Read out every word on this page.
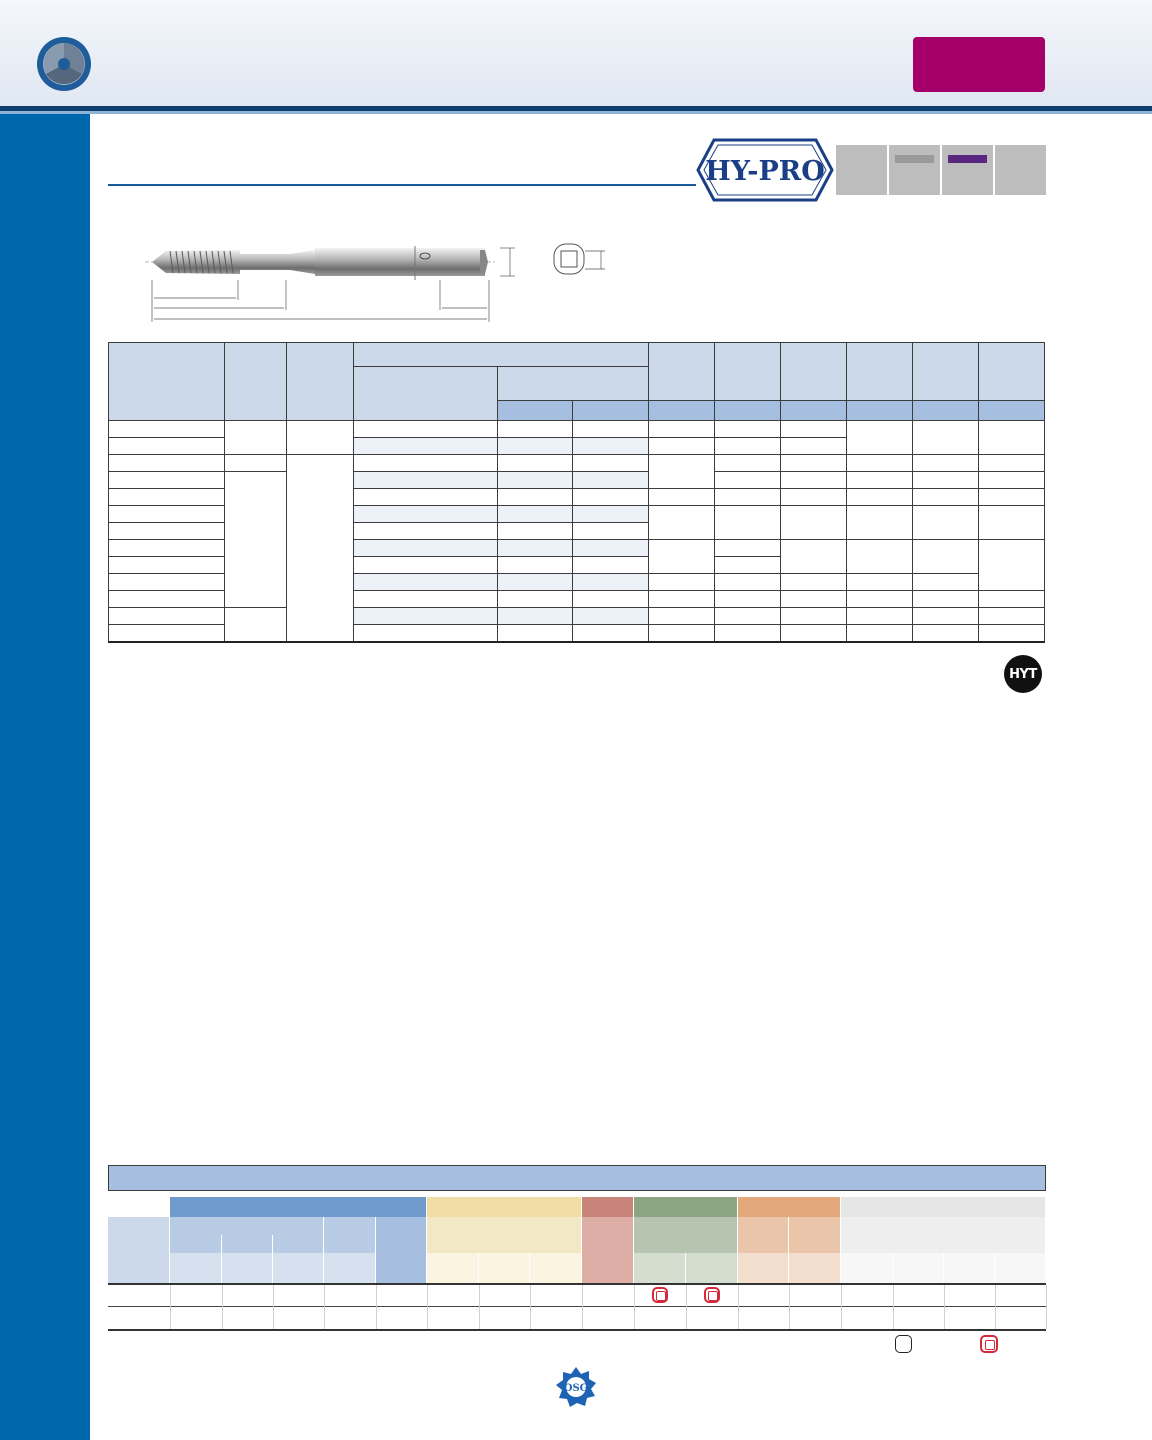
HY-PRO

HYT
OSG
